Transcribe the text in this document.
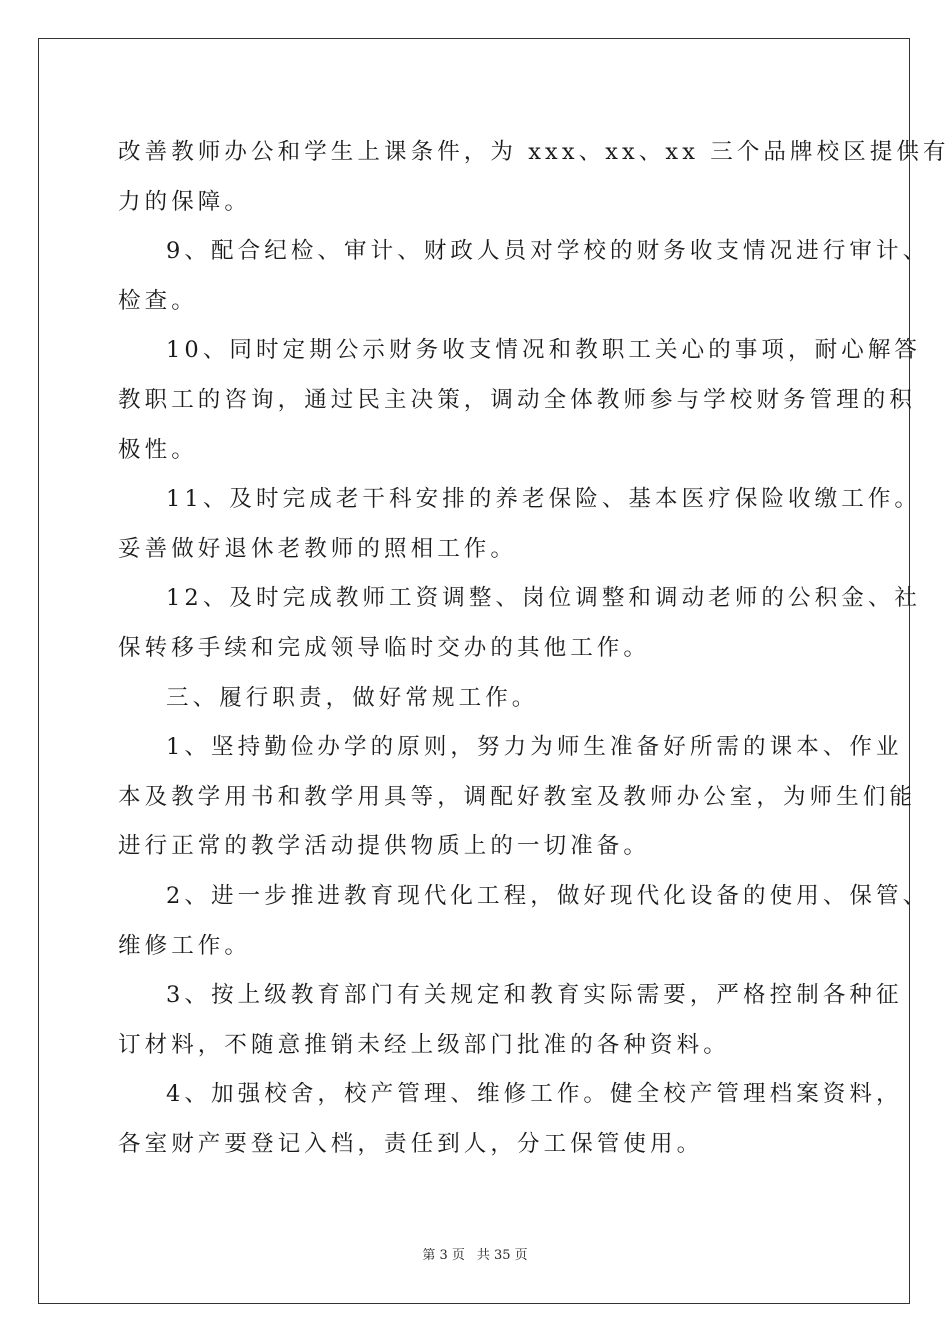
改善教师办公和学生上课条件，为 xxx、xx、xx 三个品牌校区提供有
力的保障。
9、配合纪检、审计、财政人员对学校的财务收支情况进行审计、
检查。
10、同时定期公示财务收支情况和教职工关心的事项，耐心解答
教职工的咨询，通过民主决策，调动全体教师参与学校财务管理的积
极性。
11、及时完成老干科安排的养老保险、基本医疗保险收缴工作。
妥善做好退休老教师的照相工作。
12、及时完成教师工资调整、岗位调整和调动老师的公积金、社
保转移手续和完成领导临时交办的其他工作。
三、履行职责，做好常规工作。
1、坚持勤俭办学的原则，努力为师生准备好所需的课本、作业
本及教学用书和教学用具等，调配好教室及教师办公室，为师生们能
进行正常的教学活动提供物质上的一切准备。
2、进一步推进教育现代化工程，做好现代化设备的使用、保管、
维修工作。
3、按上级教育部门有关规定和教育实际需要，严格控制各种征
订材料，不随意推销未经上级部门批准的各种资料。
4、加强校舍，校产管理、维修工作。健全校产管理档案资料，
各室财产要登记入档，责任到人，分工保管使用。
第 3 页 共 35 页
